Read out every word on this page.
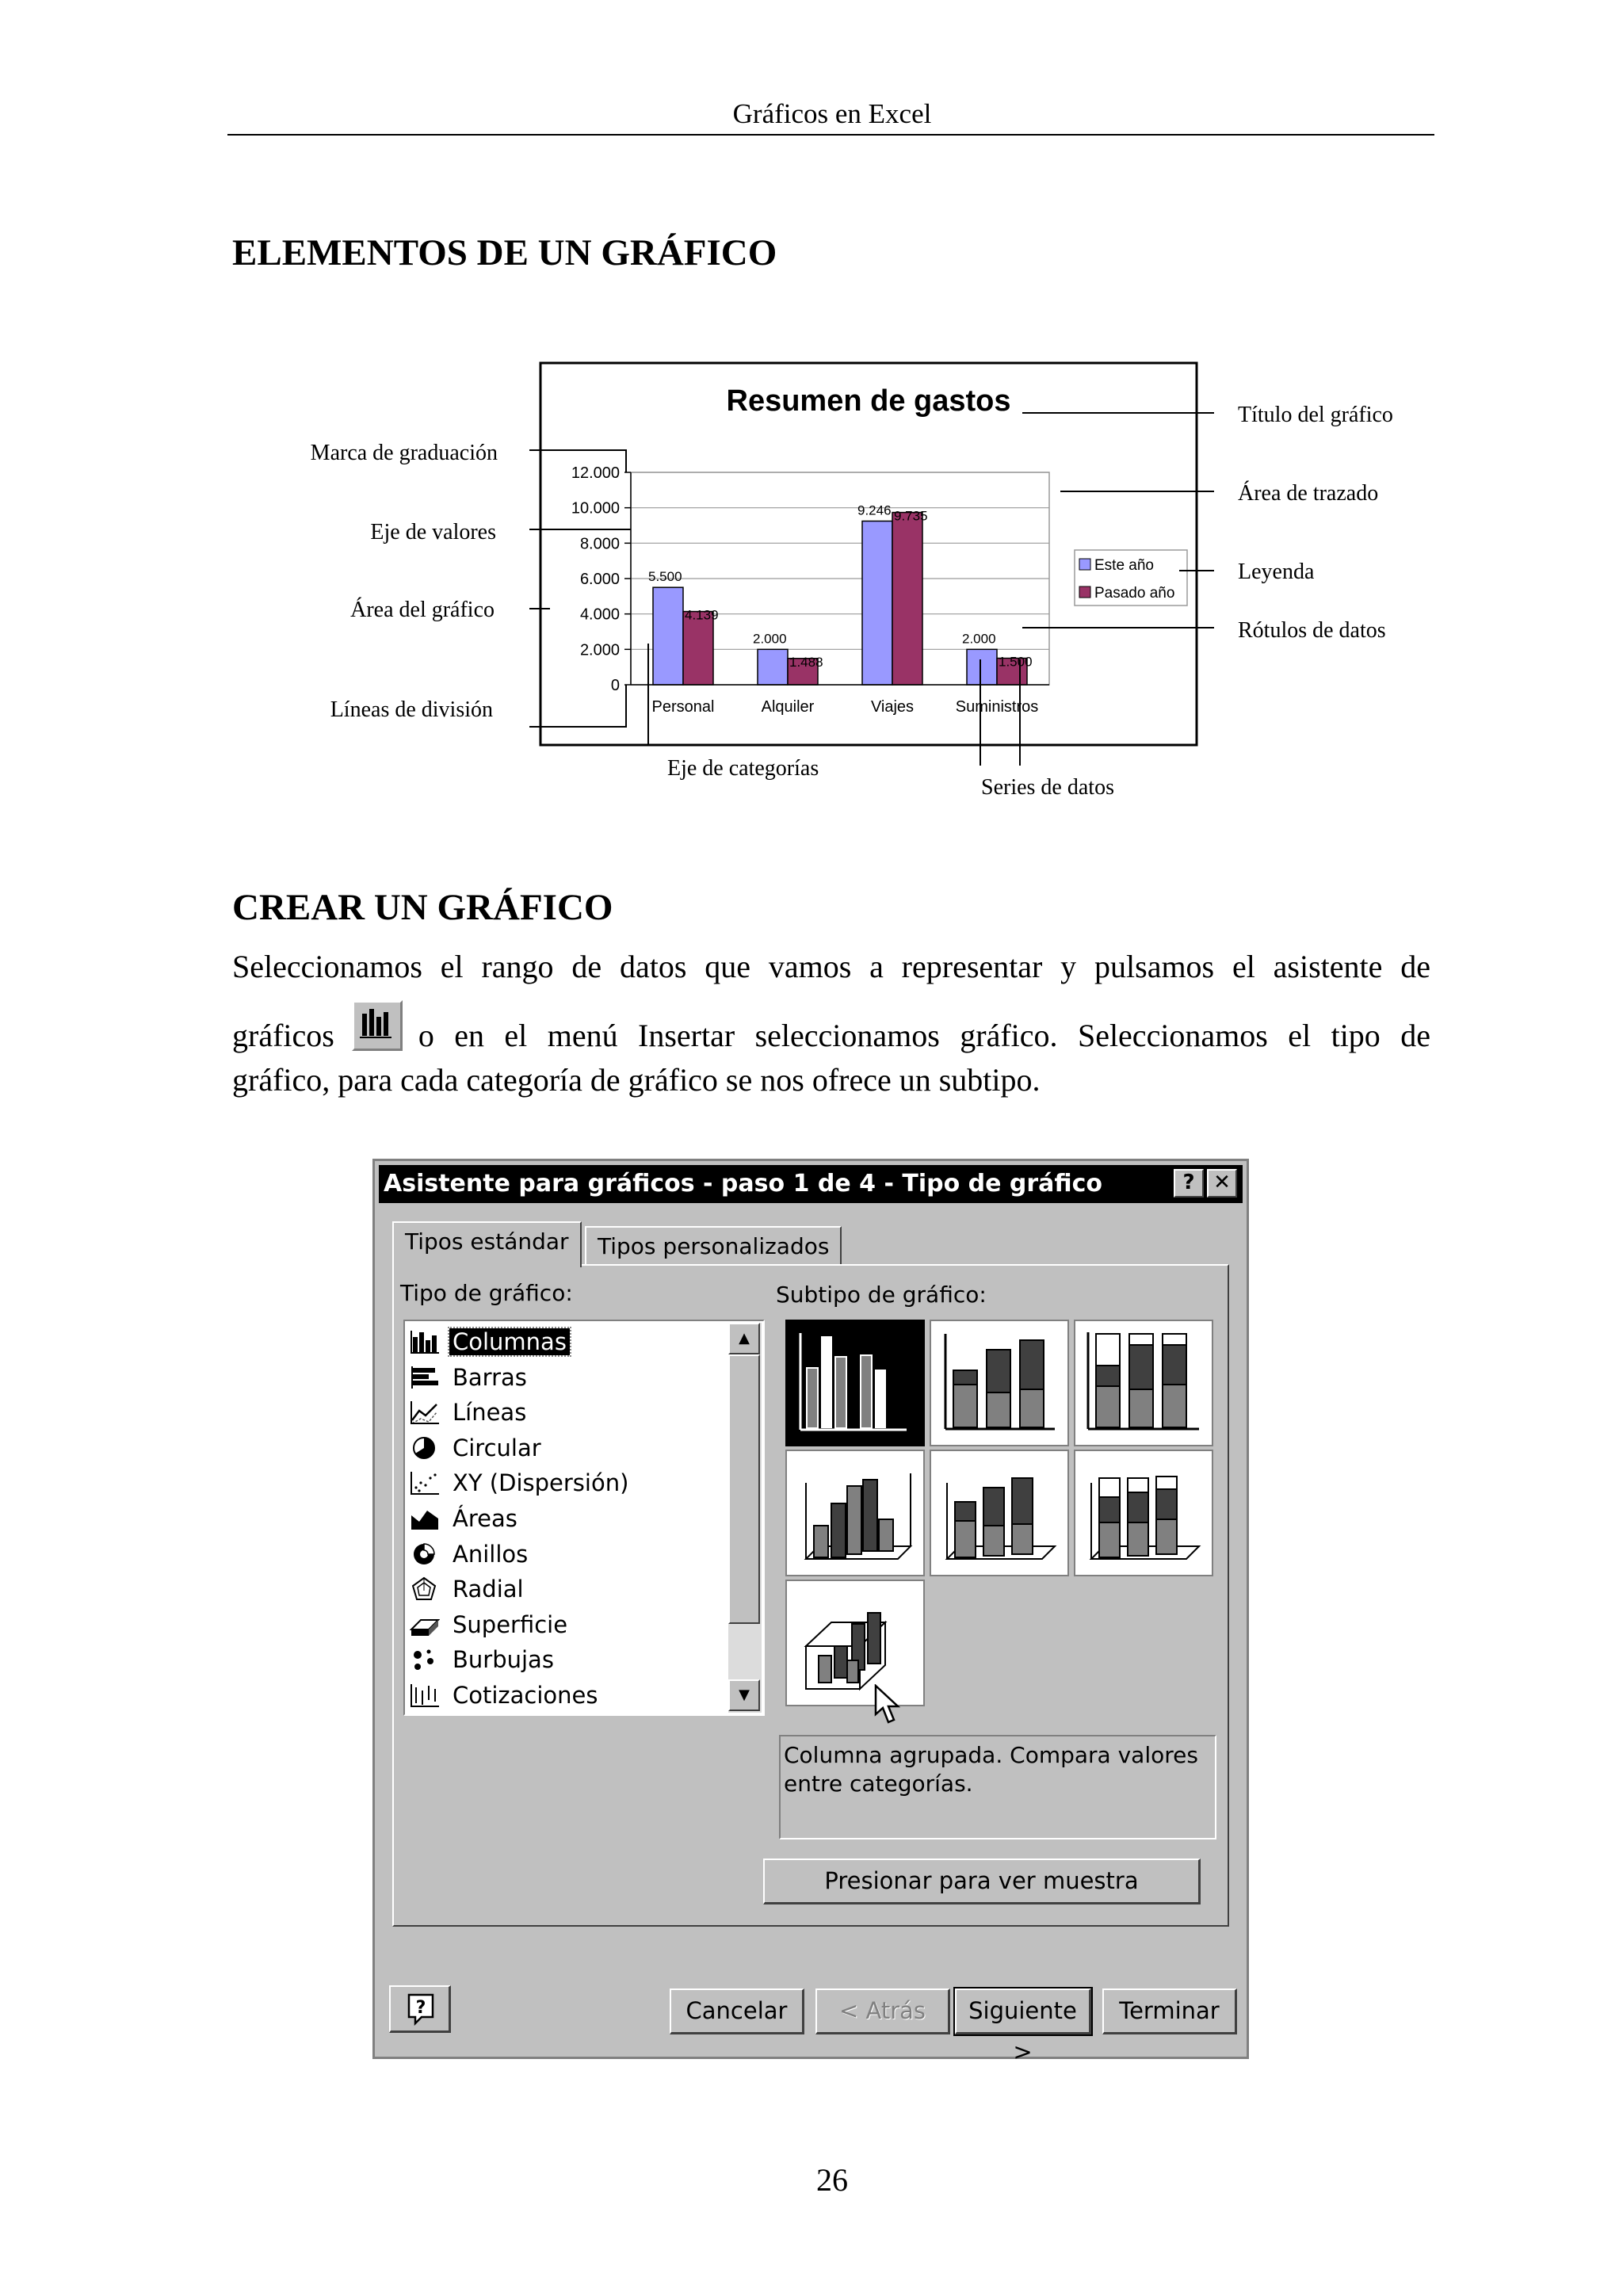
Gráficos en Excel
ELEMENTOS DE UN GRÁFICO
5.500
4.139
2.000
1.488
9.246 9.735
2.000
1.500
0
2.000
4.000
6.000
8.000
10.000
12.000
Personal	Alquiler	Viajes	Suministros
Resumen de gastos
Este año
Pasado año
Marca de graduación
Eje de valores
Área del gráfico
Líneas de división
Título del gráfico
Área de trazado
Leyenda
Rótulos de datos
Eje de categorías
Series de datos
CREAR UN GRÁFICO
Seleccionamos el rango de datos que vamos a representar y pulsamos el asistente de
gráficos	o en el menú Insertar seleccionamos gráfico. Seleccionamos el tipo de
gráfico, para cada categoría de gráfico se nos ofrece un subtipo.
Asistente para gráficos - paso 1 de 4 - Tipo de gráfico	? ✕
Tipos estándar	Tipos personalizados
Tipo de gráfico:	Subtipo de gráfico:
Columnas
Barras
Líneas
Circular
XY (Dispersión)
Áreas
Anillos
Radial
Superficie
Burbujas
Cotizaciones
▲
▼
Columna agrupada. Compara valores entre categorías.
Presionar para ver muestra
?	Cancelar	< Atrás	Siguiente >
Terminar
26
